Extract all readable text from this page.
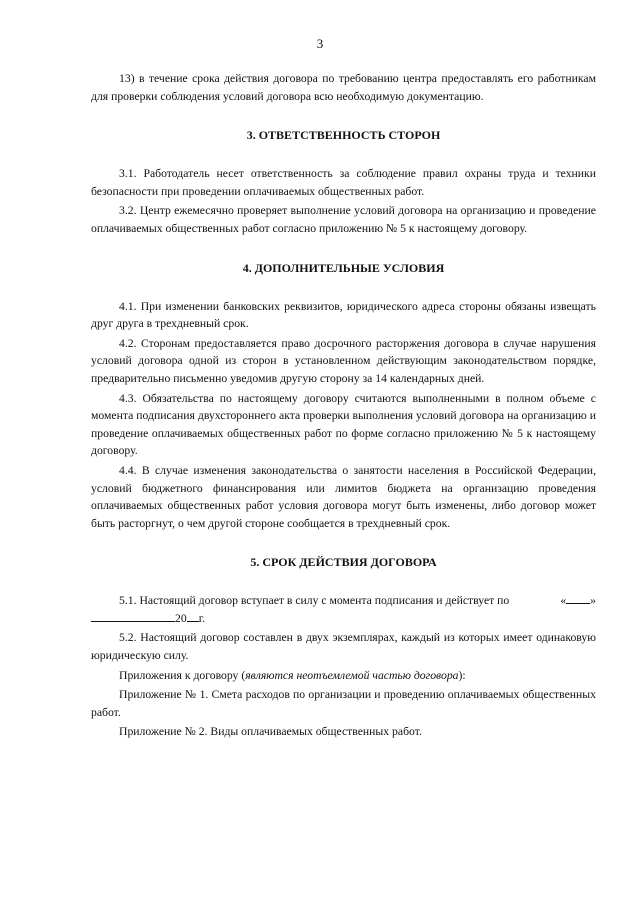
3

13) в течение срока действия договора по требованию центра предоставлять его работникам для проверки соблюдения условий договора всю необходимую документацию.

3. ОТВЕТСТВЕННОСТЬ СТОРОН

3.1. Работодатель несет ответственность за соблюдение правил охраны труда и техники безопасности при проведении оплачиваемых общественных работ.

3.2. Центр ежемесячно проверяет выполнение условий договора на организацию и проведение оплачиваемых общественных работ согласно приложению № 5 к настоящему договору.

4. ДОПОЛНИТЕЛЬНЫЕ УСЛОВИЯ

4.1. При изменении банковских реквизитов, юридического адреса стороны обязаны извещать друг друга в трехдневный срок.

4.2. Сторонам предоставляется право досрочного расторжения договора в случае нарушения условий договора одной из сторон в установленном действующим законодательством порядке, предварительно письменно уведомив другую сторону за 14 календарных дней.

4.3. Обязательства по настоящему договору считаются выполненными в полном объеме с момента подписания двухстороннего акта проверки выполнения условий договора на организацию и проведение оплачиваемых общественных работ по форме согласно приложению № 5 к настоящему договору.

4.4. В случае изменения законодательства о занятости населения в Российской Федерации, условий бюджетного финансирования или лимитов бюджета на организацию проведения оплачиваемых общественных работ условия договора могут быть изменены, либо договор может быть расторгнут, о чем другой стороне сообщается в трехдневный срок.

5. СРОК ДЕЙСТВИЯ ДОГОВОРА

5.1. Настоящий договор вступает в силу с момента подписания и действует по	« »

20 г.

5.2. Настоящий договор составлен в двух экземплярах, каждый из которых имеет одинаковую юридическую силу.

Приложения к договору (являются неотъемлемой частью договора):

Приложение № 1. Смета расходов по организации и проведению оплачиваемых общественных работ.

Приложение № 2. Виды оплачиваемых общественных работ.
